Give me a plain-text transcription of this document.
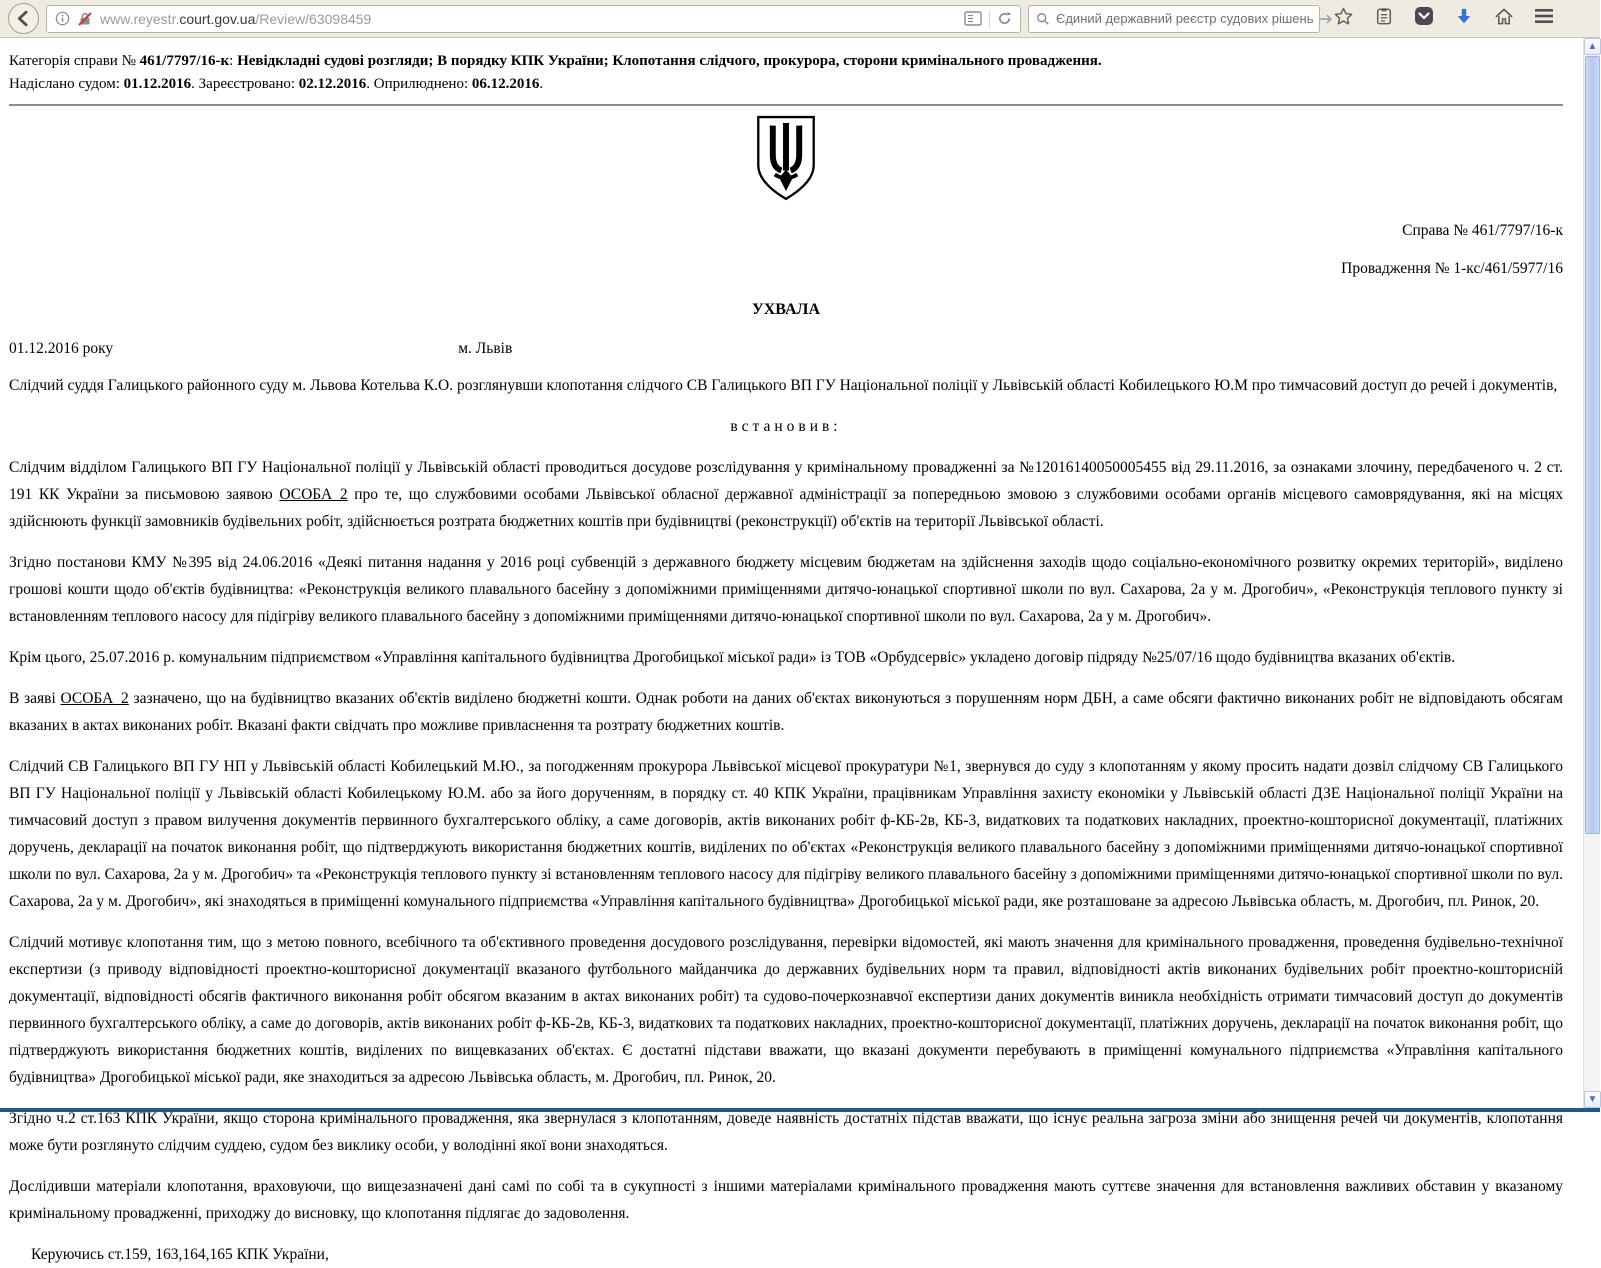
www.reyestr.court.gov.ua/Review/63098459	Єдиний державний реєстр судових рішень
Категорія справи № 461/7797/16-к: Невідкладні судові розгляди; В порядку КПК України; Клопотання слідчого, прокурора, сторони кримінального провадження.
Надіслано судом: 01.12.2016. Зареєстровано: 02.12.2016. Оприлюднено: 06.12.2016.
Справа № 461/7797/16-к
Провадження № 1-кс/461/5977/16
УХВАЛА
01.12.2016 року	м. Львів
Слідчий суддя Галицького районного суду м. Львова Котельва К.О. розглянувши клопотання слідчого СВ Галицького ВП ГУ Національної поліції у Львівській області Кобилецького Ю.М про тимчасовий доступ до речей і документів,
встановив:
Слідчим відділом Галицького ВП ГУ Національної поліції у Львівській області проводиться досудове розслідування у кримінальному провадженні за №12016140050005455 від 29.11.2016, за ознаками злочину, передбаченого ч. 2 ст. 191 КК України за письмовою заявою ОСОБА_2 про те, що службовими особами Львівської обласної державної адміністрації за попередньою змовою з службовими особами органів місцевого самоврядування, які на місцях здійснюють функції замовників будівельних робіт, здійснюється розтрата бюджетних коштів при будівництві (реконструкції) об'єктів на території Львівської області.
Згідно постанови КМУ №395 від 24.06.2016 «Деякі питання надання у 2016 році субвенцій з державного бюджету місцевим бюджетам на здійснення заходів щодо соціально-економічного розвитку окремих територій», виділено грошові кошти щодо об'єктів будівництва: «Реконструкція великого плавального басейну з допоміжними приміщеннями дитячо-юнацької спортивної школи по вул. Сахарова, 2а у м. Дрогобич», «Реконструкція теплового пункту зі встановленням теплового насосу для підігріву великого плавального басейну з допоміжними приміщеннями дитячо-юнацької спортивної школи по вул. Сахарова, 2а у м. Дрогобич».
Крім цього, 25.07.2016 р. комунальним підприємством «Управління капітального будівництва Дрогобицької міської ради» із ТОВ «Орбудсервіс» укладено договір підряду №25/07/16 щодо будівництва вказаних об'єктів.
В заяві ОСОБА_2 зазначено, що на будівництво вказаних об'єктів виділено бюджетні кошти. Однак роботи на даних об'єктах виконуються з порушенням норм ДБН, а саме обсяги фактично виконаних робіт не відповідають обсягам вказаних в актах виконаних робіт. Вказані факти свідчать про можливе привласнення та розтрату бюджетних коштів.
Слідчий СВ Галицького ВП ГУ НП у Львівській області Кобилецький М.Ю., за погодженням прокурора Львівської місцевої прокуратури №1, звернувся до суду з клопотанням у якому просить надати дозвіл слідчому СВ Галицького ВП ГУ Національної поліції у Львівській області Кобилецькому Ю.М. або за його дорученням, в порядку ст. 40 КПК України, працівникам Управління захисту економіки у Львівській області ДЗЕ Національної поліції України на тимчасовий доступ з правом вилучення документів первинного бухгалтерського обліку, а саме договорів, актів виконаних робіт ф-КБ-2в, КБ-3, видаткових та податкових накладних, проектно-кошторисної документації, платіжних доручень, декларації на початок виконання робіт, що підтверджують використання бюджетних коштів, виділених по об'єктах «Реконструкція великого плавального басейну з допоміжними приміщеннями дитячо-юнацької спортивної школи по вул. Сахарова, 2а у м. Дрогобич» та «Реконструкція теплового пункту зі встановленням теплового насосу для підігріву великого плавального басейну з допоміжними приміщеннями дитячо-юнацької спортивної школи по вул. Сахарова, 2а у м. Дрогобич», які знаходяться в приміщенні комунального підприємства «Управління капітального будівництва» Дрогобицької міської ради, яке розташоване за адресою Львівська область, м. Дрогобич, пл. Ринок, 20.
Слідчий мотивує клопотання тим, що з метою повного, всебічного та об'єктивного проведення досудового розслідування, перевірки відомостей, які мають значення для кримінального провадження, проведення будівельно-технічної експертизи (з приводу відповідності проектно-кошторисної документації вказаного футбольного майданчика до державних будівельних норм та правил, відповідності актів виконаних будівельних робіт проектно-кошторисній документації, відповідності обсягів фактичного виконання робіт обсягом вказаним в актах виконаних робіт) та судово-почеркознавчої експертизи даних документів виникла необхідність отримати тимчасовий доступ до документів первинного бухгалтерського обліку, а саме до договорів, актів виконаних робіт ф-КБ-2в, КБ-3, видаткових та податкових накладних, проектно-кошторисної документації, платіжних доручень, декларації на початок виконання робіт, що підтверджують використання бюджетних коштів, виділених по вищевказаних об'єктах. Є достатні підстави вважати, що вказані документи перебувають в приміщенні комунального підприємства «Управління капітального будівництва» Дрогобицької міської ради, яке знаходиться за адресою Львівська область, м. Дрогобич, пл. Ринок, 20.
Згідно ч.2 ст.163 КПК України, якщо сторона кримінального провадження, яка звернулася з клопотанням, доведе наявність достатніх підстав вважати, що існує реальна загроза зміни або знищення речей чи документів, клопотання може бути розглянуто слідчим суддею, судом без виклику особи, у володінні якої вони знаходяться.
Дослідивши матеріали клопотання, враховуючи, що вищезазначені дані самі по собі та в сукупності з іншими матеріалами кримінального провадження мають суттєве значення для встановлення важливих обставин у вказаному кримінальному провадженні, приходжу до висновку, що клопотання підлягає до задоволення.
Керуючись ст.159, 163,164,165 КПК України,
▲
▼
